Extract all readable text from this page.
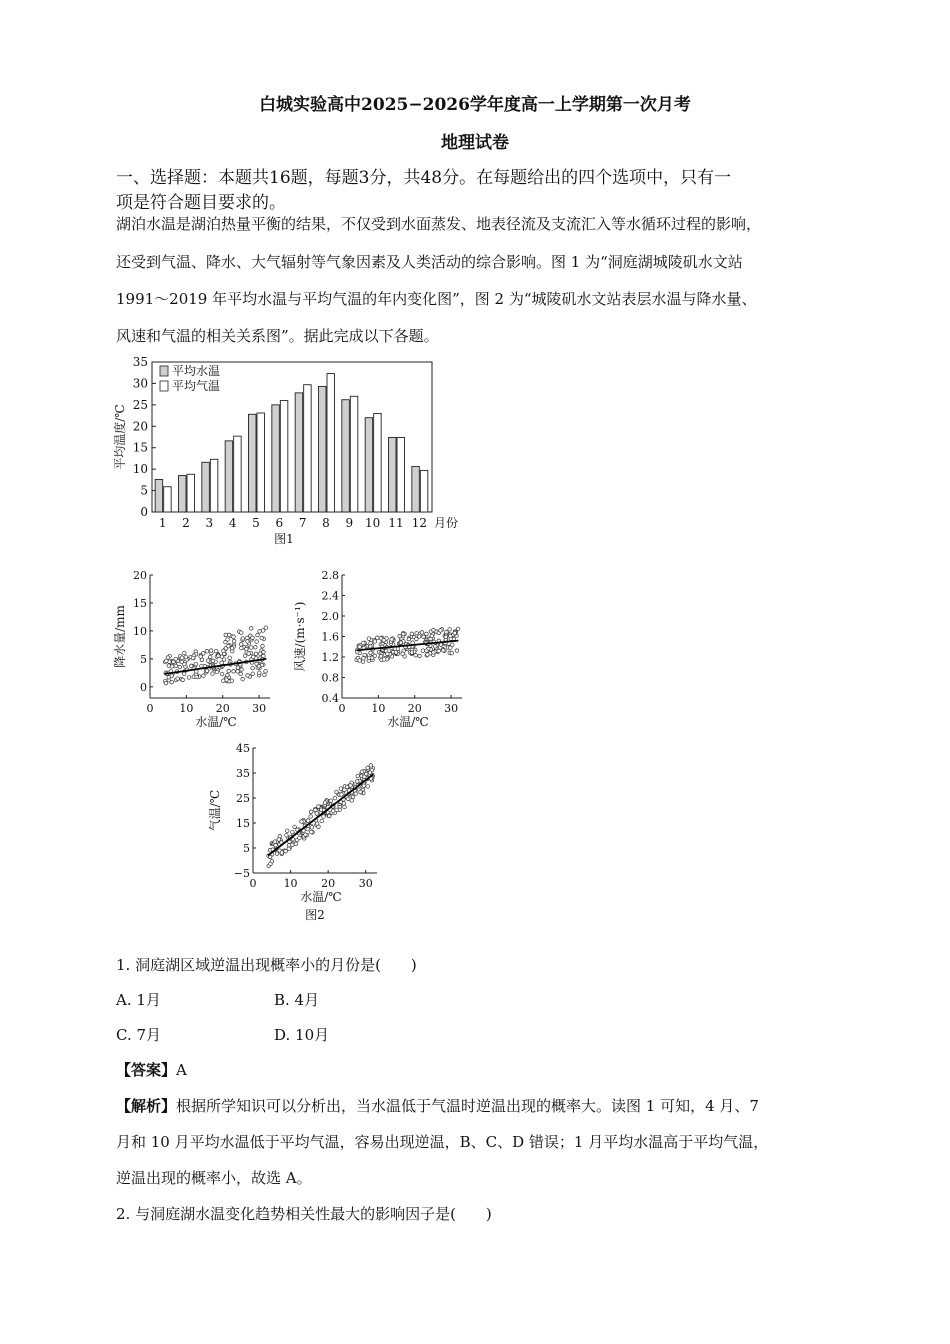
白城实验高中2025−2026学年度高一上学期第一次月考
地理试卷
一、选择题：本题共16题，每题3分，共48分。在每题给出的四个选项中，只有一
项是符合题目要求的。
湖泊水温是湖泊热量平衡的结果，不仅受到水面蒸发、地表径流及支流汇入等水循环过程的影响，
还受到气温、降水、大气辐射等气象因素及人类活动的综合影响。图 1 为“洞庭湖城陵矶水文站
1991～2019 年平均水温与平均气温的年内变化图”，图 2 为“城陵矶水文站表层水温与降水量、
风速和气温的相关关系图”。据此完成以下各题。
0
5
10
15
20
25
30
35
1 2 3 4 5 6 7 8 9 10 11 12 月份
平均温度/℃
平均水温
平均气温
图1
0
5
10
15
20
0 10 20 30
水温/℃
降水量/mm
0.4
0.8
1.2
1.6
2.0
2.4
2.8
0 10 20 30
水温/℃
风速/(m·s⁻¹)
−5
5
15
25
35
45
0 10 20 30
水温/℃
气温/℃
图2
1. 洞庭湖区域逆温出现概率小的月份是(　　)
A. 1月	B. 4月
C. 7月	D. 10月
【答案】A
【解析】根据所学知识可以分析出，当水温低于气温时逆温出现的概率大。读图 1 可知，4 月、7
月和 10 月平均水温低于平均气温，容易出现逆温，B、C、D 错误；1 月平均水温高于平均气温，
逆温出现的概率小，故选 A。
2. 与洞庭湖水温变化趋势相关性最大的影响因子是(　　)
